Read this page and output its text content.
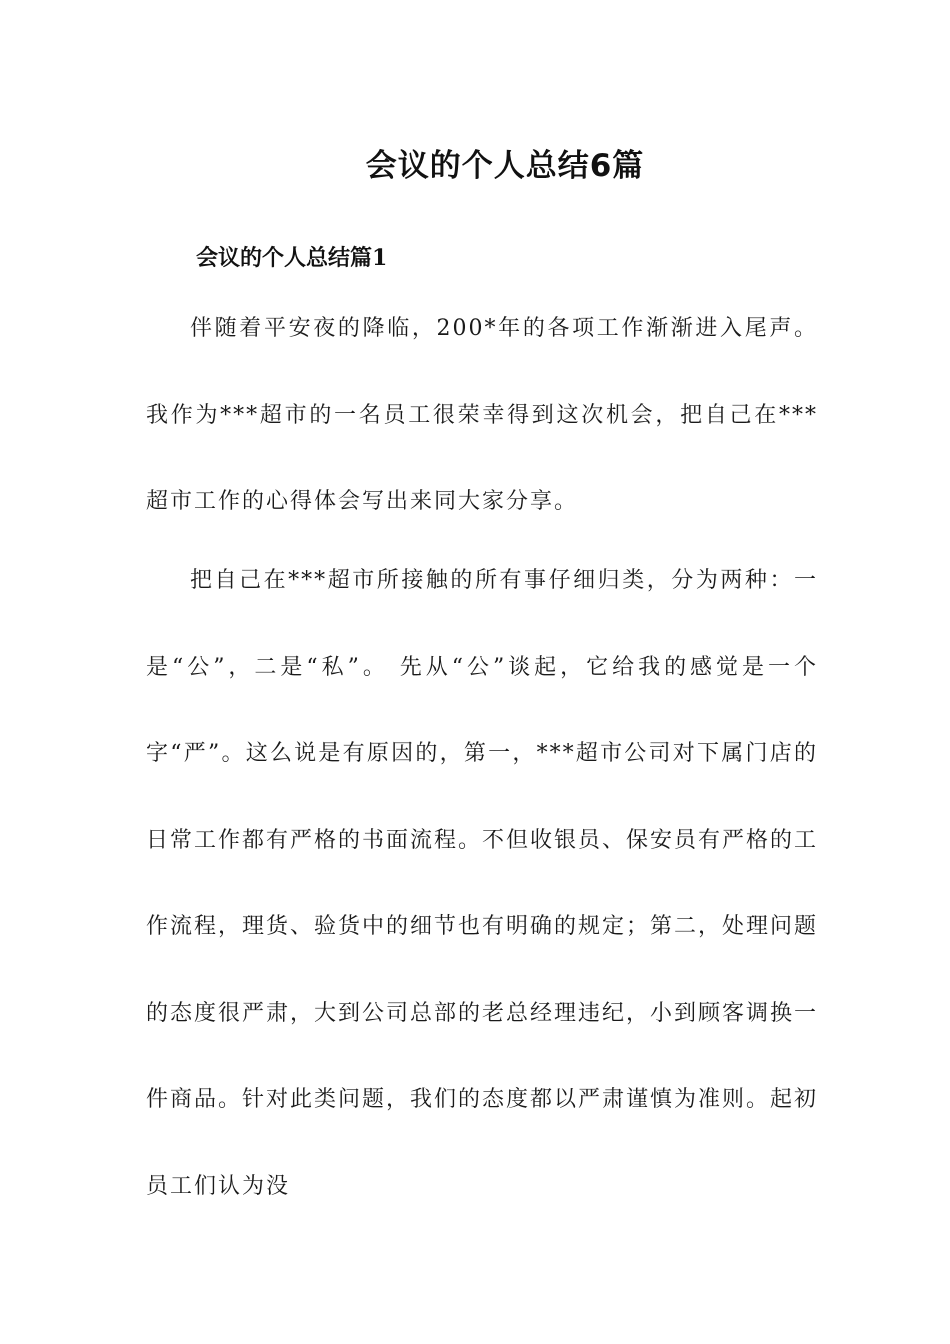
会议的个人总结6篇
会议的个人总结篇1

伴随着平安夜的降临，200*年的各项工作渐渐进入尾声。我作为***超市的一名员工很荣幸得到这次机会，把自己在***超市工作的心得体会写出来同大家分享。

把自己在***超市所接触的所有事仔细归类，分为两种：一是“公”，二是“私”。 先从“公”谈起，它给我的感觉是一个字“严”。这么说是有原因的，第一，***超市公司对下属门店的日常工作都有严格的书面流程。不但收银员、保安员有严格的工作流程，理货、验货中的细节也有明确的规定；第二，处理问题的态度很严肃，大到公司总部的老总经理违纪，小到顾客调换一件商品。针对此类问题，我们的态度都以严肃谨慎为准则。起初员工们认为没
